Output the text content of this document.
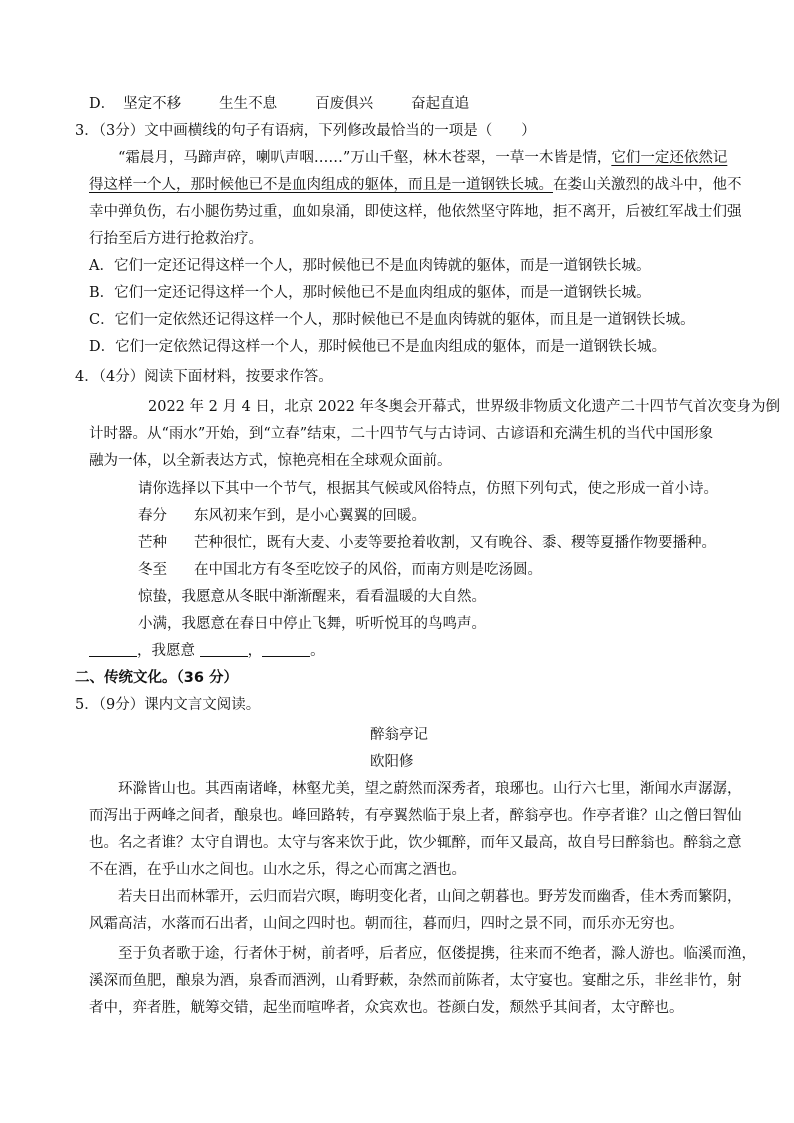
D． 坚定不移	生生不息	百废俱兴	奋起直追
3．（3分）文中画横线的句子有语病，下列修改最恰当的一项是（　　）
“霜晨月，马蹄声碎，喇叭声咽……”万山千壑，林木苍翠，一草一木皆是情，它们一定还依然记
得这样一个人，那时候他已不是血肉组成的躯体，而且是一道钢铁长城。在娄山关激烈的战斗中，他不
幸中弹负伤，右小腿伤势过重，血如泉涌，即使这样，他依然坚守阵地，拒不离开，后被红军战士们强
行抬至后方进行抢救治疗。
A．它们一定还记得这样一个人，那时候他已不是血肉铸就的躯体，而是一道钢铁长城。
B．它们一定还记得这样一个人，那时候他已不是血肉组成的躯体，而是一道钢铁长城。
C．它们一定依然还记得这样一个人，那时候他已不是血肉铸就的躯体，而且是一道钢铁长城。
D．它们一定依然记得这样一个人，那时候他已不是血肉组成的躯体，而是一道钢铁长城。
4．（4分）阅读下面材料，按要求作答。
2022 年 2 月 4 日，北京 2022 年冬奥会开幕式，世界级非物质文化遗产二十四节气首次变身为倒
计时器。从“雨水”开始，到“立春”结束，二十四节气与古诗词、古谚语和充满生机的当代中国形象
融为一体，以全新表达方式，惊艳亮相在全球观众面前。
请你选择以下其中一个节气，根据其气候或风俗特点，仿照下列句式，使之形成一首小诗。
春分 东风初来乍到，是小心翼翼的回暖。
芒种 芒种很忙，既有大麦、小麦等要抢着收割，又有晚谷、黍、稷等夏播作物要播种。
冬至 在中国北方有冬至吃饺子的风俗，而南方则是吃汤圆。
惊蛰，我愿意从冬眠中渐渐醒来，看看温暖的大自然。
小满，我愿意在春日中停止飞舞，听听悦耳的鸟鸣声。
，我愿意	，	。
二、传统文化。（36 分）
5．（9分）课内文言文阅读。
醉翁亭记
欧阳修
环滁皆山也。其西南诸峰，林壑尤美，望之蔚然而深秀者，琅琊也。山行六七里，渐闻水声潺潺，
而泻出于两峰之间者，酿泉也。峰回路转，有亭翼然临于泉上者，醉翁亭也。作亭者谁？山之僧曰智仙
也。名之者谁？太守自谓也。太守与客来饮于此，饮少辄醉，而年又最高，故自号曰醉翁也。醉翁之意
不在酒，在乎山水之间也。山水之乐，得之心而寓之酒也。
若夫日出而林霏开，云归而岩穴暝，晦明变化者，山间之朝暮也。野芳发而幽香，佳木秀而繁阴，
风霜高洁，水落而石出者，山间之四时也。朝而往，暮而归，四时之景不同，而乐亦无穷也。
至于负者歌于途，行者休于树，前者呼，后者应，伛偻提携，往来而不绝者，滁人游也。临溪而渔，
溪深而鱼肥，酿泉为酒，泉香而酒洌，山肴野蔌，杂然而前陈者，太守宴也。宴酣之乐，非丝非竹，射
者中，弈者胜，觥筹交错，起坐而喧哗者，众宾欢也。苍颜白发，颓然乎其间者，太守醉也。
